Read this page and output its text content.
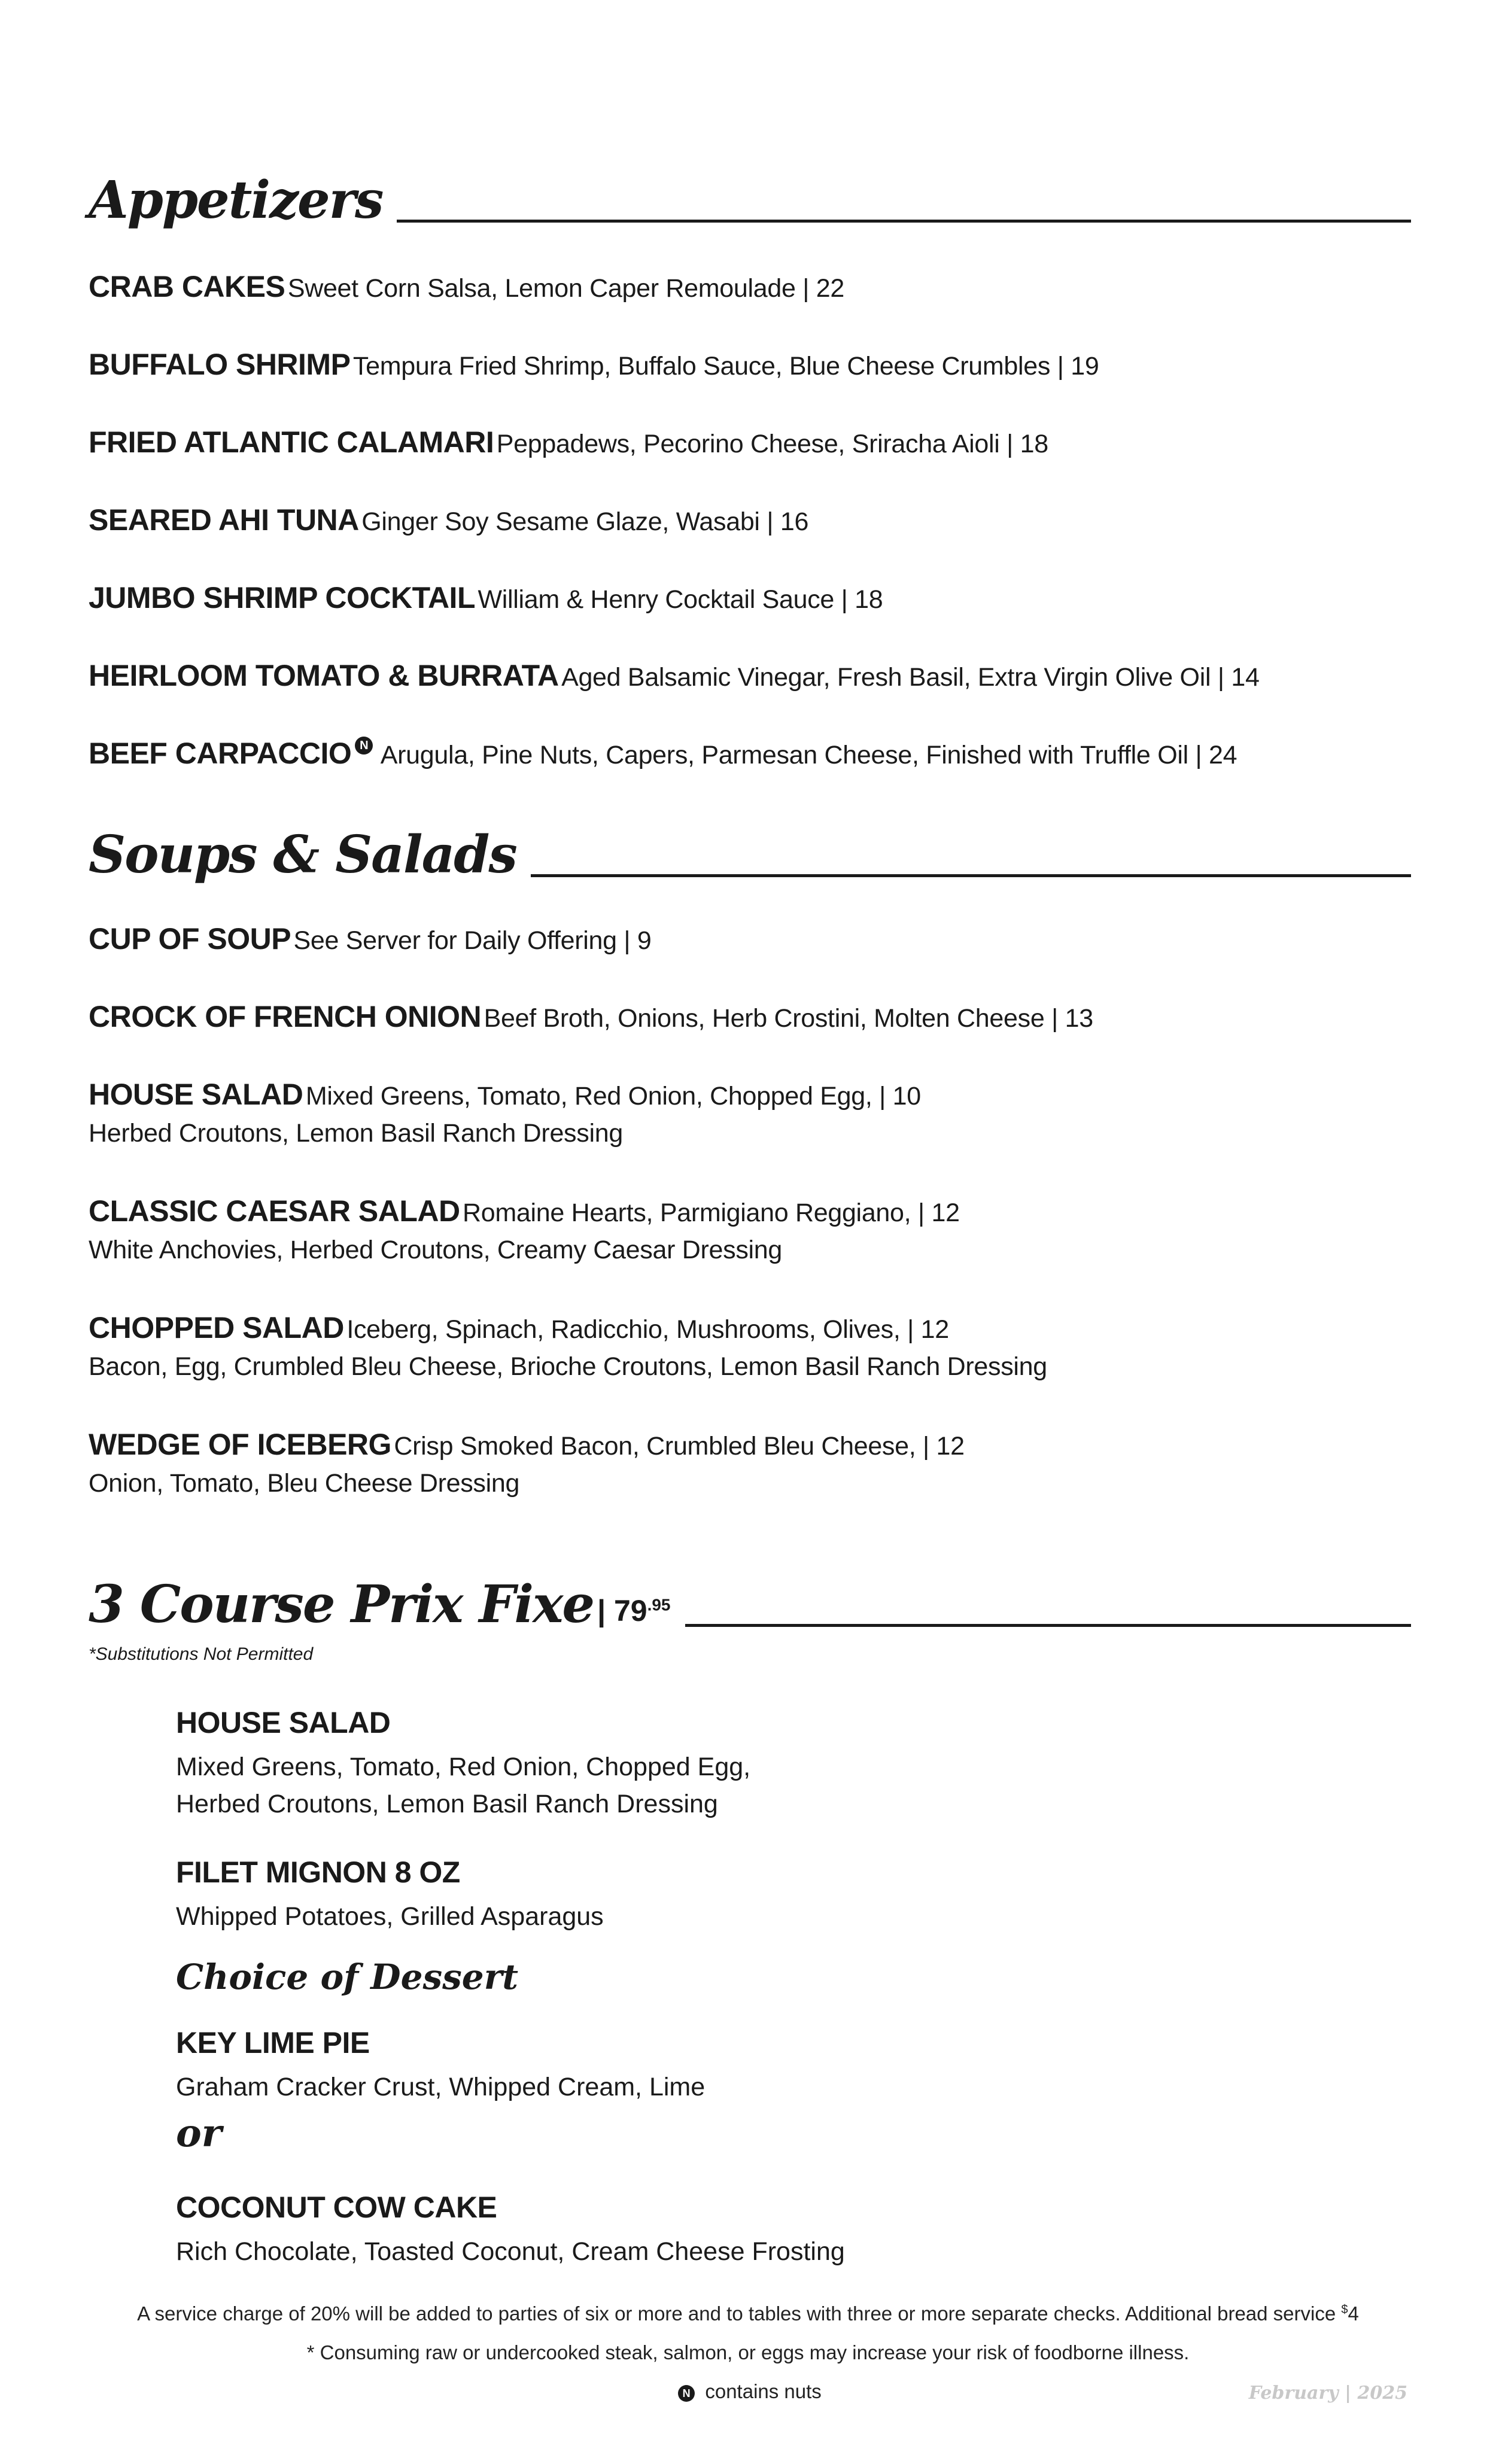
Appetizers
CRAB CAKES Sweet Corn Salsa, Lemon Caper Remoulade | 22
BUFFALO SHRIMP Tempura Fried Shrimp, Buffalo Sauce, Blue Cheese Crumbles | 19
FRIED ATLANTIC CALAMARI Peppadews, Pecorino Cheese, Sriracha Aioli | 18
SEARED AHI TUNA Ginger Soy Sesame Glaze, Wasabi | 16
JUMBO SHRIMP COCKTAIL William & Henry Cocktail Sauce | 18
HEIRLOOM TOMATO & BURRATA Aged Balsamic Vinegar, Fresh Basil, Extra Virgin Olive Oil | 14
BEEF CARPACCIO N Arugula, Pine Nuts, Capers, Parmesan Cheese, Finished with Truffle Oil | 24
Soups & Salads
CUP OF SOUP See Server for Daily Offering | 9
CROCK OF FRENCH ONION Beef Broth, Onions, Herb Crostini, Molten Cheese | 13
HOUSE SALAD Mixed Greens, Tomato, Red Onion, Chopped Egg, | 10
Herbed Croutons, Lemon Basil Ranch Dressing
CLASSIC CAESAR SALAD Romaine Hearts, Parmigiano Reggiano, | 12
White Anchovies, Herbed Croutons, Creamy Caesar Dressing
CHOPPED SALAD Iceberg, Spinach, Radicchio, Mushrooms, Olives, | 12
Bacon, Egg, Crumbled Bleu Cheese, Brioche Croutons, Lemon Basil Ranch Dressing
WEDGE OF ICEBERG Crisp Smoked Bacon, Crumbled Bleu Cheese, | 12
Onion, Tomato, Bleu Cheese Dressing
3 Course Prix Fixe | $79^{.95}$
*Substitutions Not Permitted
HOUSE SALAD
Mixed Greens, Tomato, Red Onion, Chopped Egg,
Herbed Croutons, Lemon Basil Ranch Dressing
FILET MIGNON 8 OZ
Whipped Potatoes, Grilled Asparagus
Choice of Dessert
KEY LIME PIE
Graham Cracker Crust, Whipped Cream, Lime
or
COCONUT COW CAKE
Rich Chocolate, Toasted Coconut, Cream Cheese Frosting
A service charge of 20% will be added to parties of six or more and to tables with three or more separate checks. Additional bread service $4
* Consuming raw or undercooked steak, salmon, or eggs may increase your risk of foodborne illness.
N contains nuts	February | 2025
